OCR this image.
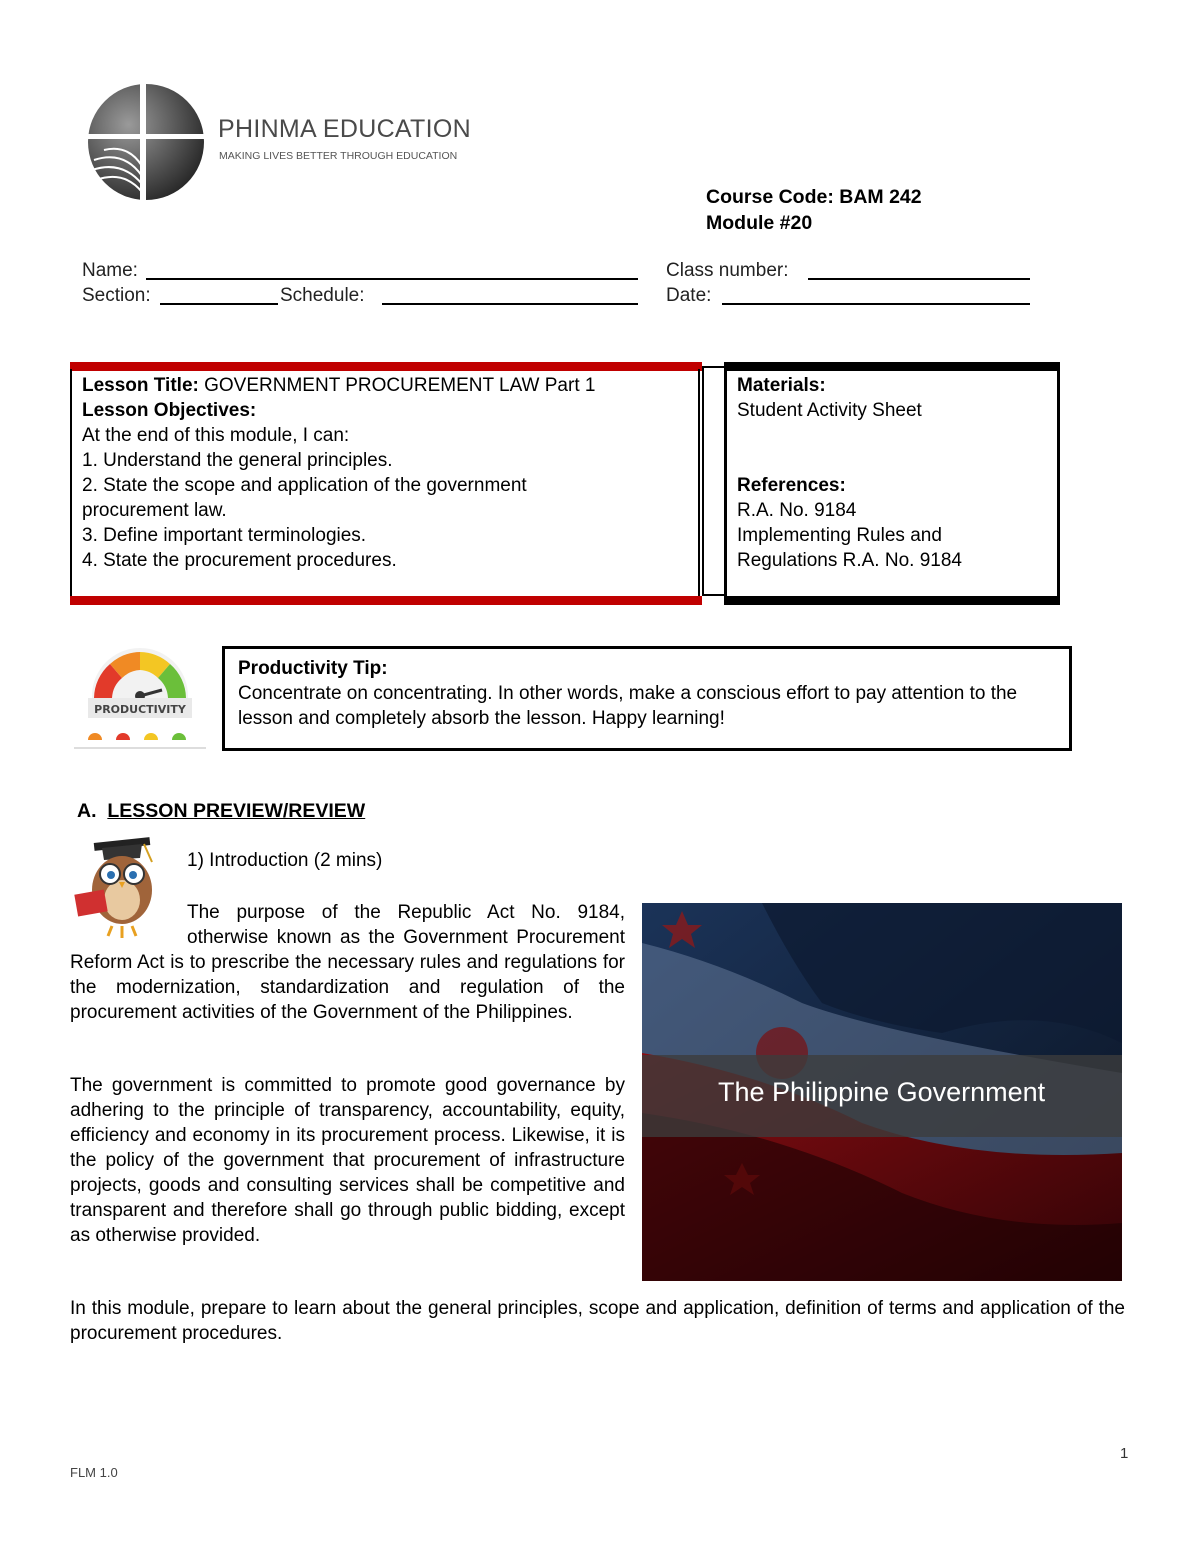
PHINMA EDUCATION
MAKING LIVES BETTER THROUGH EDUCATION
Course Code: BAM 242
Module #20
Name:	Class number:
Section:	Schedule:	Date:
Lesson Title: GOVERNMENT PROCUREMENT LAW Part 1
Lesson Objectives:
At the end of this module, I can:
1. Understand the general principles.
2. State the scope and application of the government procurement law.
3. Define important terminologies.
4. State the procurement procedures.
Materials:
Student Activity Sheet
References:
R.A. No. 9184
Implementing Rules and Regulations R.A. No. 9184
PRODUCTIVITY
Productivity Tip:
Concentrate on concentrating. In other words, make a conscious effort to pay attention to the lesson and completely absorb the lesson. Happy learning!
A. LESSON PREVIEW/REVIEW
1) Introduction (2 mins)
The purpose of the Republic Act No. 9184, otherwise known as the Government Procurement Reform Act is to prescribe the necessary rules and regulations for the modernization, standardization and regulation of the procurement activities of the Government of the Philippines.
The government is committed to promote good governance by adhering to the principle of transparency, accountability, equity, efficiency and economy in its procurement process. Likewise, it is the policy of the government that procurement of infrastructure projects, goods and consulting services shall be competitive and transparent and therefore shall go through public bidding, except as otherwise provided.
The Philippine Government
In this module, prepare to learn about the general principles, scope and application, definition of terms and application of the procurement procedures.
1
FLM 1.0
